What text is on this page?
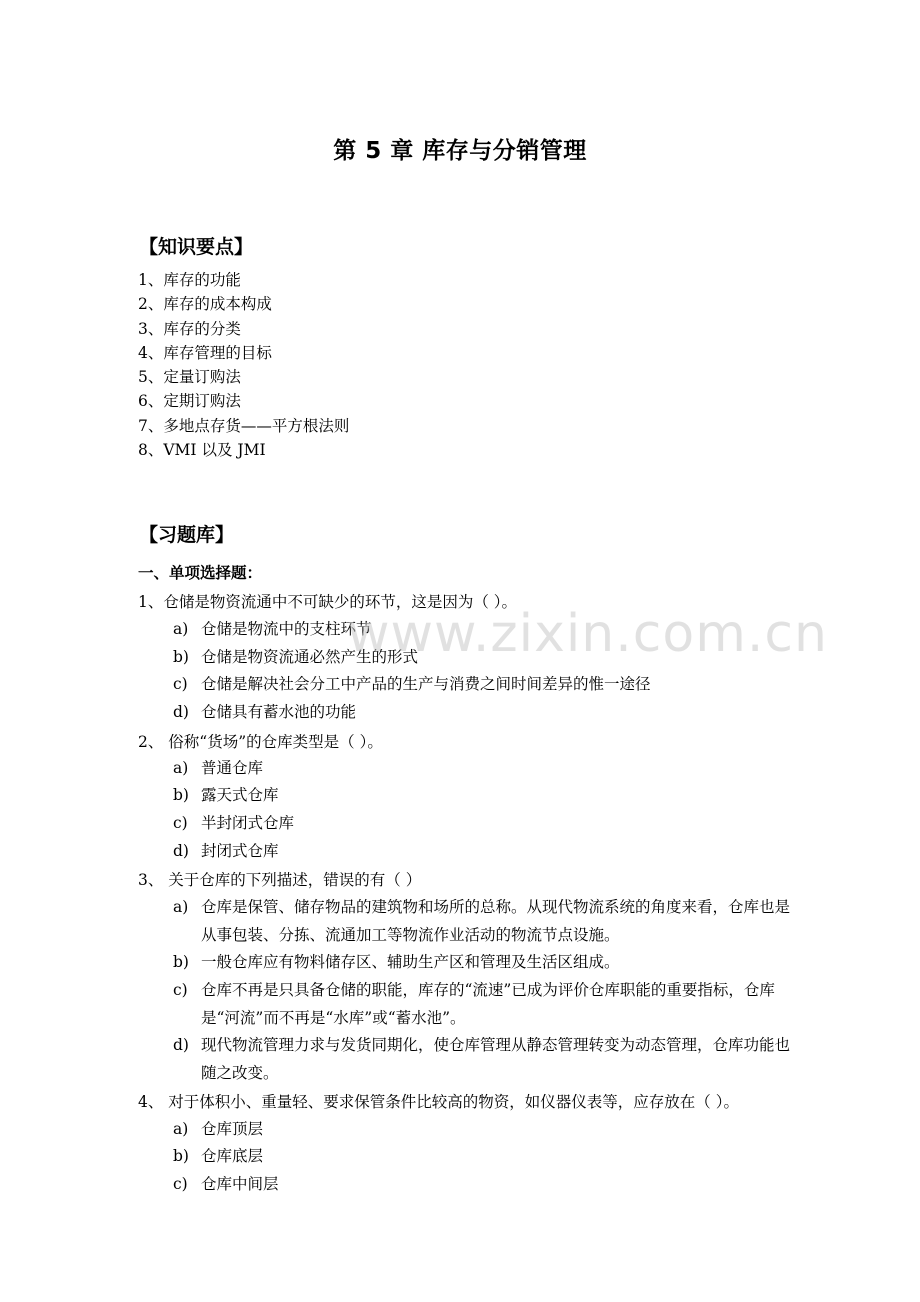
第 5 章 库存与分销管理
【知识要点】
1、库存的功能
2、库存的成本构成
3、库存的分类
4、库存管理的目标
5、定量订购法
6、定期订购法
7、多地点存货——平方根法则
8、VMI 以及 JMI
【习题库】
一、单项选择题：
1、仓储是物资流通中不可缺少的环节，这是因为（ ）。
a) 仓储是物流中的支柱环节
b) 仓储是物资流通必然产生的形式
c) 仓储是解决社会分工中产品的生产与消费之间时间差异的惟一途径
d) 仓储具有蓄水池的功能
2、 俗称“货场”的仓库类型是（ ）。
a) 普通仓库
b) 露天式仓库
c) 半封闭式仓库
d) 封闭式仓库
3、 关于仓库的下列描述，错误的有（ ）
a) 仓库是保管、储存物品的建筑物和场所的总称。从现代物流系统的角度来看，仓库也是从事包装、分拣、流通加工等物流作业活动的物流节点设施。
b) 一般仓库应有物料储存区、辅助生产区和管理及生活区组成。
c) 仓库不再是只具备仓储的职能，库存的“流速”已成为评价仓库职能的重要指标，仓库是“河流”而不再是“水库”或“蓄水池”。
d) 现代物流管理力求与发货同期化，使仓库管理从静态管理转变为动态管理，仓库功能也随之改变。
4、 对于体积小、重量轻、要求保管条件比较高的物资，如仪器仪表等，应存放在（ ）。
a) 仓库顶层
b) 仓库底层
c) 仓库中间层
www.zixin.com.cn
